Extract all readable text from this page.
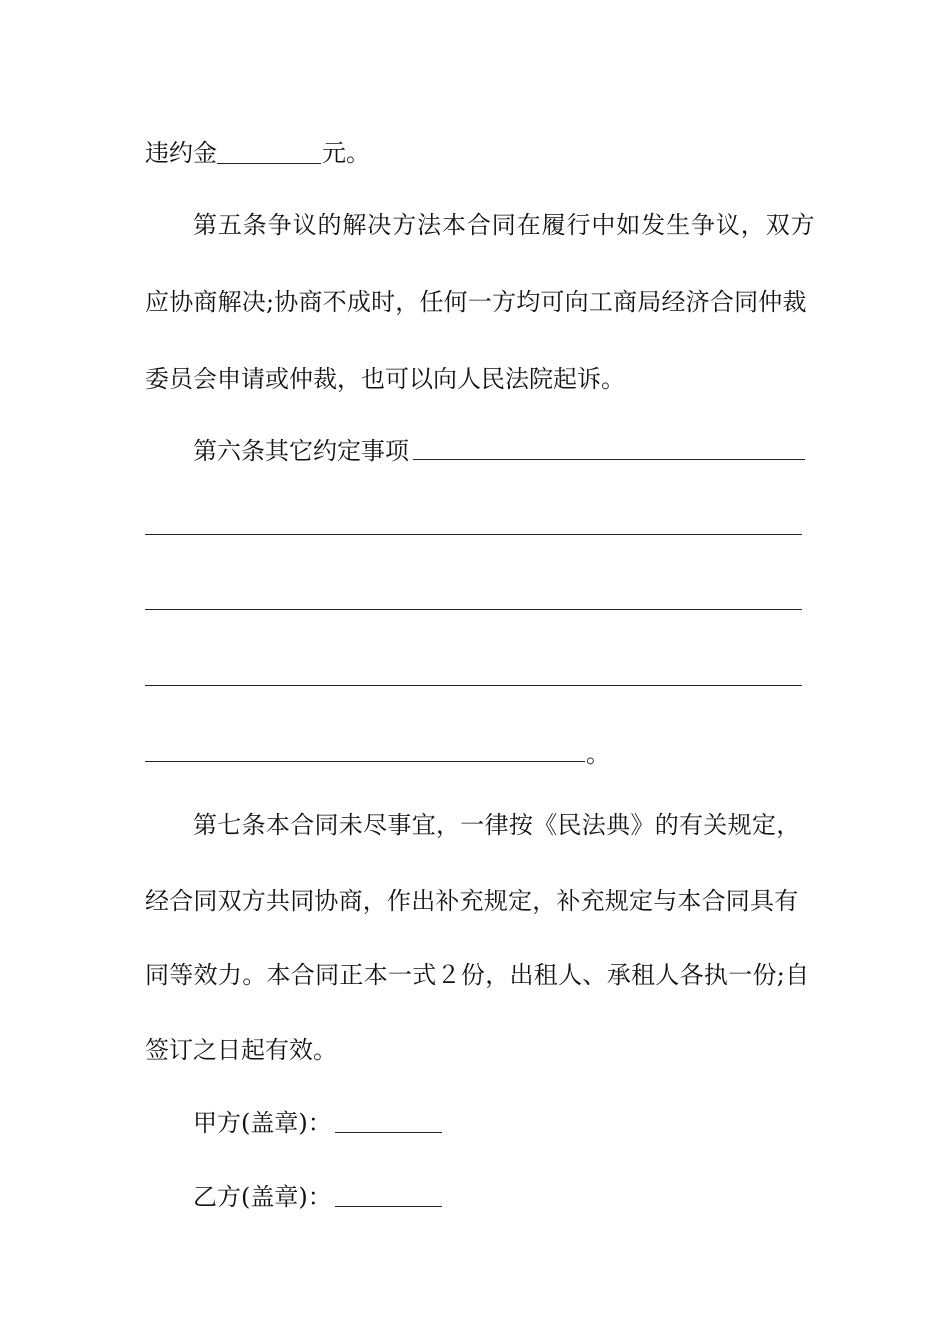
违约金	元。
第五条争议的解决方法本合同在履行中如发生争议，双方
应协商解决;协商不成时，任何一方均可向工商局经济合同仲裁
委员会申请或仲裁，也可以向人民法院起诉。
第六条其它约定事项
。
第七条本合同未尽事宜，一律按《民法典》的有关规定，
经合同双方共同协商，作出补充规定，补充规定与本合同具有
同等效力。本合同正本一式２份，出租人、承租人各执一份;自
签订之日起有效。
甲方(盖章)：
乙方(盖章)：
